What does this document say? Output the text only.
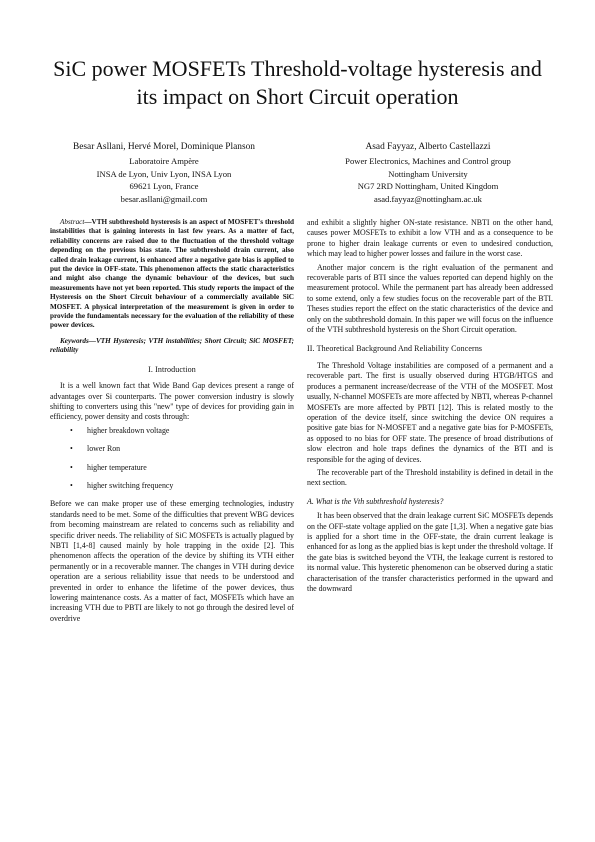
SiC power MOSFETs Threshold-voltage hysteresis and its impact on Short Circuit operation
Besar Asllani, Hervé Morel, Dominique Planson
Laboratoire Ampère
INSA de Lyon, Univ Lyon, INSA Lyon
69621 Lyon, France
besar.asllani@gmail.com
Asad Fayyaz, Alberto Castellazzi
Power Electronics, Machines and Control group
Nottingham University
NG7 2RD Nottingham, United Kingdom
asad.fayyaz@nottingham.ac.uk

Abstract—VTH subthreshold hysteresis is an aspect of MOSFET's threshold instabilities that is gaining interests in last few years. As a matter of fact, reliability concerns are raised due to the fluctuation of the threshold voltage depending on the previous bias state. The subthreshold drain current, also called drain leakage current, is enhanced after a negative gate bias is applied to put the device in OFF-state. This phenomenon affects the static characteristics and might also change the dynamic behaviour of the devices, but such measurements have not yet been reported. This study reports the impact of the Hysteresis on the Short Circuit behaviour of a commercially available SiC MOSFET. A physical interpretation of the measurement is given in order to provide the fundamentals necessary for the evaluation of the reliability of these power devices.

Keywords—VTH Hysteresis; VTH instabilities; Short Circuit; SiC MOSFET; reliability

I. Introduction

It is a well known fact that Wide Band Gap devices present a range of advantages over Si counterparts. The power conversion industry is slowly shifting to converters using this "new" type of devices for providing gain in efficiency, power density and costs through:

• higher breakdown voltage
• lower Ron
• higher temperature
• higher switching frequency

Before we can make proper use of these emerging technologies, industry standards need to be met. Some of the difficulties that prevent WBG devices from becoming mainstream are related to concerns such as reliability and specific driver needs. The reliability of SiC MOSFETs is actually plagued by NBTI [1,4-8] caused mainly by hole trapping in the oxide [2]. This phenomenon affects the operation of the device by shifting its VTH either permanently or in a recoverable manner. The changes in VTH during device operation are a serious reliability issue that needs to be understood and prevented in order to enhance the lifetime of the power devices, thus lowering maintenance costs. As a matter of fact, MOSFETs which have an increasing VTH due to PBTI are likely to not go through the desired level of overdrive

and exhibit a slightly higher ON-state resistance. NBTI on the other hand, causes power MOSFETs to exhibit a low VTH and as a consequence to be prone to higher drain leakage currents or even to undesired conduction, which may lead to higher power losses and failure in the worst case.

Another major concern is the right evaluation of the permanent and recoverable parts of BTI since the values reported can depend highly on the measurement protocol. While the permanent part has already been addressed to some extend, only a few studies focus on the recoverable part of the BTI. Theses studies report the effect on the static characteristics of the device and only on the subthreshold domain. In this paper we will focus on the influence of the VTH subthreshold hysteresis on the Short Circuit operation.

II. Theoretical Background And Reliability Concerns

The Threshold Voltage instabilities are composed of a permanent and a recoverable part. The first is usually observed during HTGB/HTGS and produces a permanent increase/decrease of the VTH of the MOSFET. Most usually, N-channel MOSFETs are more affected by NBTI, whereas P-channel MOSFETs are more affected by PBTI [12]. This is related mostly to the operation of the device itself, since switching the device ON requires a positive gate bias for N-MOSFET and a negative gate bias for P-MOSFETs, as opposed to no bias for OFF state. The presence of broad distributions of slow electron and hole traps defines the dynamics of the BTI and is responsible for the aging of devices.

The recoverable part of the Threshold instability is defined in detail in the next section.

A. What is the Vth subthreshold hysteresis?

It has been observed that the drain leakage current SiC MOSFETs depends on the OFF-state voltage applied on the gate [1,3]. When a negative gate bias is applied for a short time in the OFF-state, the drain current leakage is enhanced for as long as the applied bias is kept under the threshold voltage. If the gate bias is switched beyond the VTH, the leakage current is restored to its normal value. This hysteretic phenomenon can be observed during a static characterisation of the transfer characteristics performed in the upward and the downward
